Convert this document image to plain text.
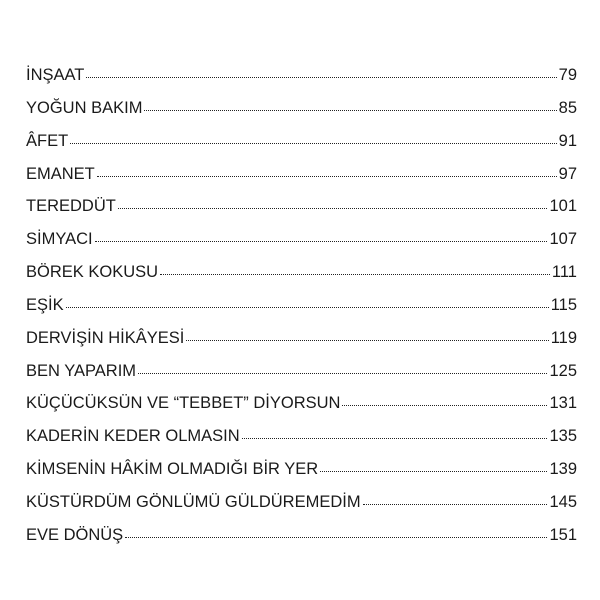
İNŞAAT	79
YOĞUN BAKIM	85
ÂFET	91
EMANET	97
TEREDDÜT	101
SİMYACI	107
BÖREK KOKUSU	111
EŞİK	115
DERVİŞİN HİKÂYESİ	119
BEN YAPARIM	125
KÜÇÜCÜKSÜN VE “TEBBET” DİYORSUN	131
KADERİN KEDER OLMASIN	135
KİMSENİN HÂKİM OLMADIĞI BİR YER	139
KÜSTÜRDÜM GÖNLÜMÜ GÜLDÜREMEDİM	145
EVE DÖNÜŞ	151
